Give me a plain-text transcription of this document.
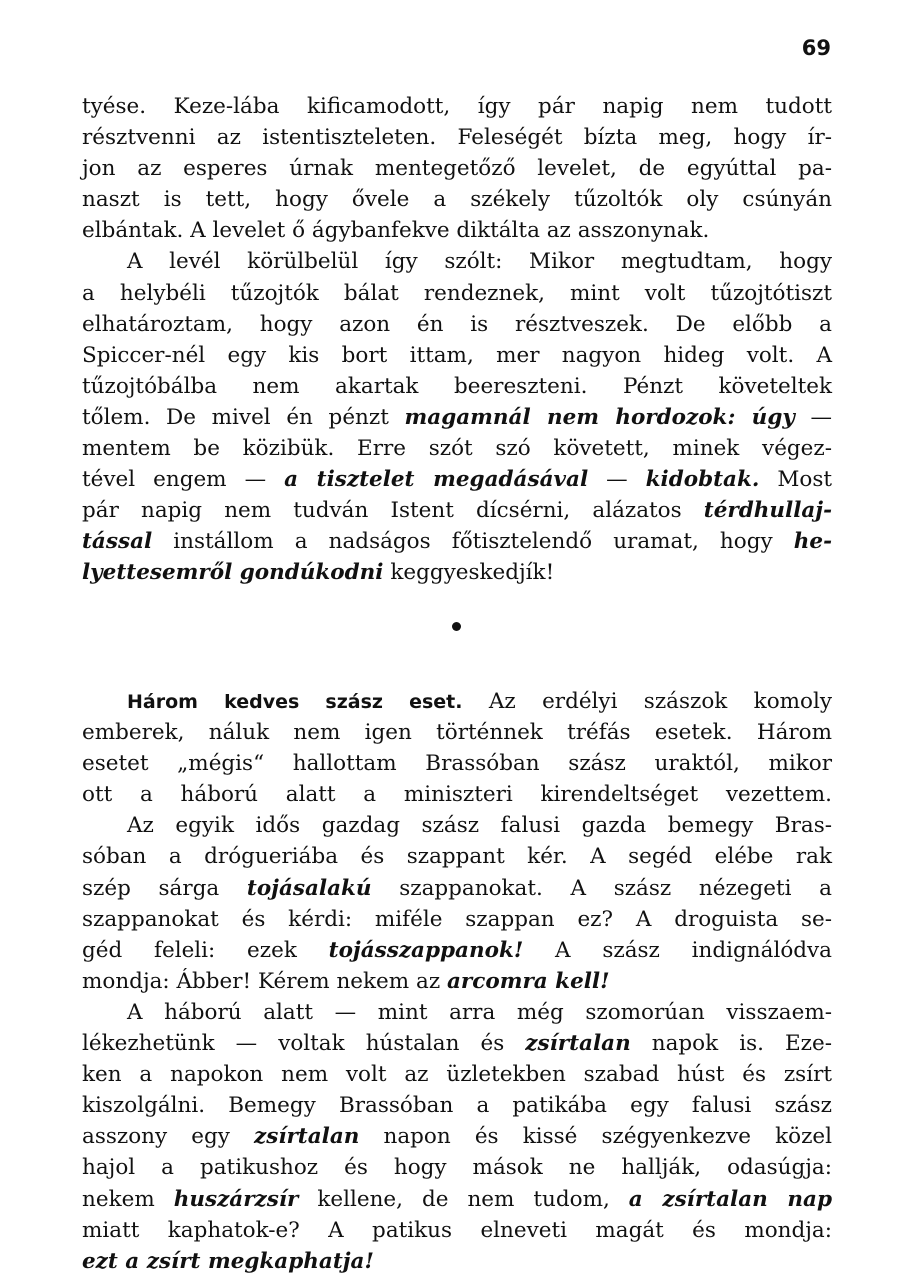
69
tyése. Keze-lába kificamodott, így pár napig nem tudott
résztvenni az istentiszteleten. Feleségét bízta meg, hogy ír-
jon az esperes úrnak mentegetőző levelet, de egyúttal pa-
naszt is tett, hogy ővele a székely tűzoltók oly csúnyán
elbántak. A levelet ő ágybanfekve diktálta az asszonynak.
A levél körülbelül így szólt: Mikor megtudtam, hogy
a helybéli tűzojtók bálat rendeznek, mint volt tűzojtótiszt
elhatároztam, hogy azon én is résztveszek. De előbb a
Spiccer-nél egy kis bort ittam, mer nagyon hideg volt. A
tűzojtóbálba nem akartak beereszteni. Pénzt követeltek
tőlem. De mivel én pénzt magamnál nem hordozok: úgy —
mentem be közibük. Erre szót szó követett, minek végez-
tével engem — a tisztelet megadásával — kidobtak. Most
pár napig nem tudván Istent dícsérni, alázatos térdhullaj-
tással instállom a nadságos főtisztelendő uramat, hogy he-
lyettesemről gondúkodni keggyeskedjík!
Három kedves szász eset. Az erdélyi szászok komoly
emberek, náluk nem igen történnek tréfás esetek. Három
esetet „mégis“ hallottam Brassóban szász uraktól, mikor
ott a háború alatt a miniszteri kirendeltséget vezettem.
Az egyik idős gazdag szász falusi gazda bemegy Bras-
sóban a drógueriába és szappant kér. A segéd elébe rak
szép sárga tojásalakú szappanokat. A szász nézegeti a
szappanokat és kérdi: miféle szappan ez? A droguista se-
géd feleli: ezek tojásszappanok! A szász indignálódva
mondja: Ábber! Kérem nekem az arcomra kell!
A háború alatt — mint arra még szomorúan visszaem-
lékezhetünk — voltak hústalan és zsírtalan napok is. Eze-
ken a napokon nem volt az üzletekben szabad húst és zsírt
kiszolgálni. Bemegy Brassóban a patikába egy falusi szász
asszony egy zsírtalan napon és kissé szégyenkezve közel
hajol a patikushoz és hogy mások ne hallják, odasúgja:
nekem huszárzsír kellene, de nem tudom, a zsírtalan nap
miatt kaphatok-e? A patikus elneveti magát és mondja:
ezt a zsírt megkaphatja!
